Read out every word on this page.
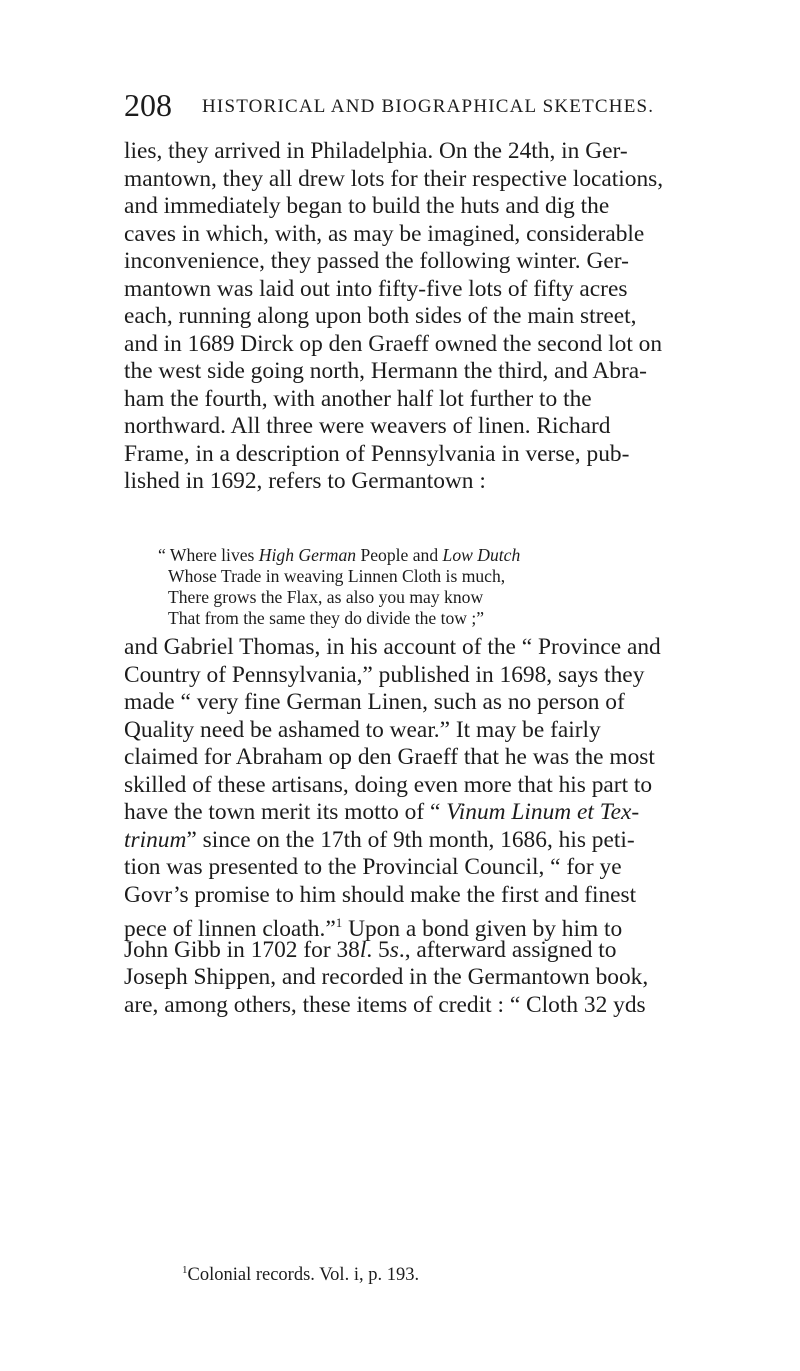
208 HISTORICAL AND BIOGRAPHICAL SKETCHES.
lies, they arrived in Philadelphia. On the 24th, in Ger-
mantown, they all drew lots for their respective locations,
and immediately began to build the huts and dig the
caves in which, with, as may be imagined, considerable
inconvenience, they passed the following winter. Ger-
mantown was laid out into fifty-five lots of fifty acres
each, running along upon both sides of the main street,
and in 1689 Dirck op den Graeff owned the second lot on
the west side going north, Hermann the third, and Abra-
ham the fourth, with another half lot further to the
northward. All three were weavers of linen. Richard
Frame, in a description of Pennsylvania in verse, pub-
lished in 1692, refers to Germantown :
“ Where lives High German People and Low Dutch
Whose Trade in weaving Linnen Cloth is much,
There grows the Flax, as also you may know
That from the same they do divide the tow ;”
and Gabriel Thomas, in his account of the “ Province and
Country of Pennsylvania,” published in 1698, says they
made “ very fine German Linen, such as no person of
Quality need be ashamed to wear.” It may be fairly
claimed for Abraham op den Graeff that he was the most
skilled of these artisans, doing even more that his part to
have the town merit its motto of “ Vinum Linum et Tex-
trinum” since on the 17th of 9th month, 1686, his peti-
tion was presented to the Provincial Council, “ for ye
Govr’s promise to him should make the first and finest
pece of linnen cloath.”$^1$ Upon a bond given by him to
John Gibb in 1702 for 38l. 5s., afterward assigned to
Joseph Shippen, and recorded in the Germantown book,
are, among others, these items of credit : “ Cloth 32 yds
$^1$Colonial records. Vol. i, p. 193.
